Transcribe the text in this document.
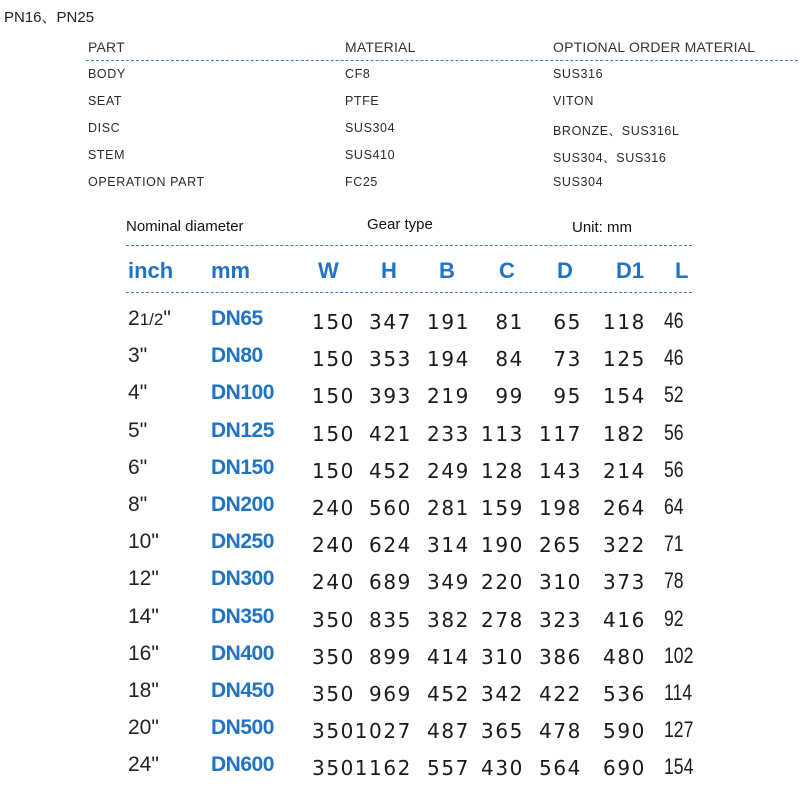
PN16、PN25
PART	MATERIAL	OPTIONAL ORDER MATERIAL
BODY	CF8	SUS316
SEAT	PTFE	VITON
DISC	SUS304	BRONZE、SUS316L
STEM	SUS410	SUS304、SUS316
OPERATION PART	FC25	SUS304
Nominal diameter	Gear type	Unit: mm
inch mm	W H B C D D1 L
21/2" DN65 150 347 191 81 65 118 46
3"	DN80 150 353 194 84 73 125 46
4"	DN100 150 393 219 99 95 154 52
5"	DN125 150 421 233 113 117 182 56
6"	DN150 150 452 249 128 143 214 56
8"	DN200 240 560 281 159 198 264 64
10" DN250 240 624 314 190 265 322 71
12" DN300 240 689 349 220 310 373 78
14" DN350 350 835 382 278 323 416 92
16" DN400 350 899 414 310 386 480 102
18" DN450 350 969 452 342 422 536 114
20" DN500 350 1027 487 365 478 590 127
24" DN600 350 1162 557 430 564 690 154
